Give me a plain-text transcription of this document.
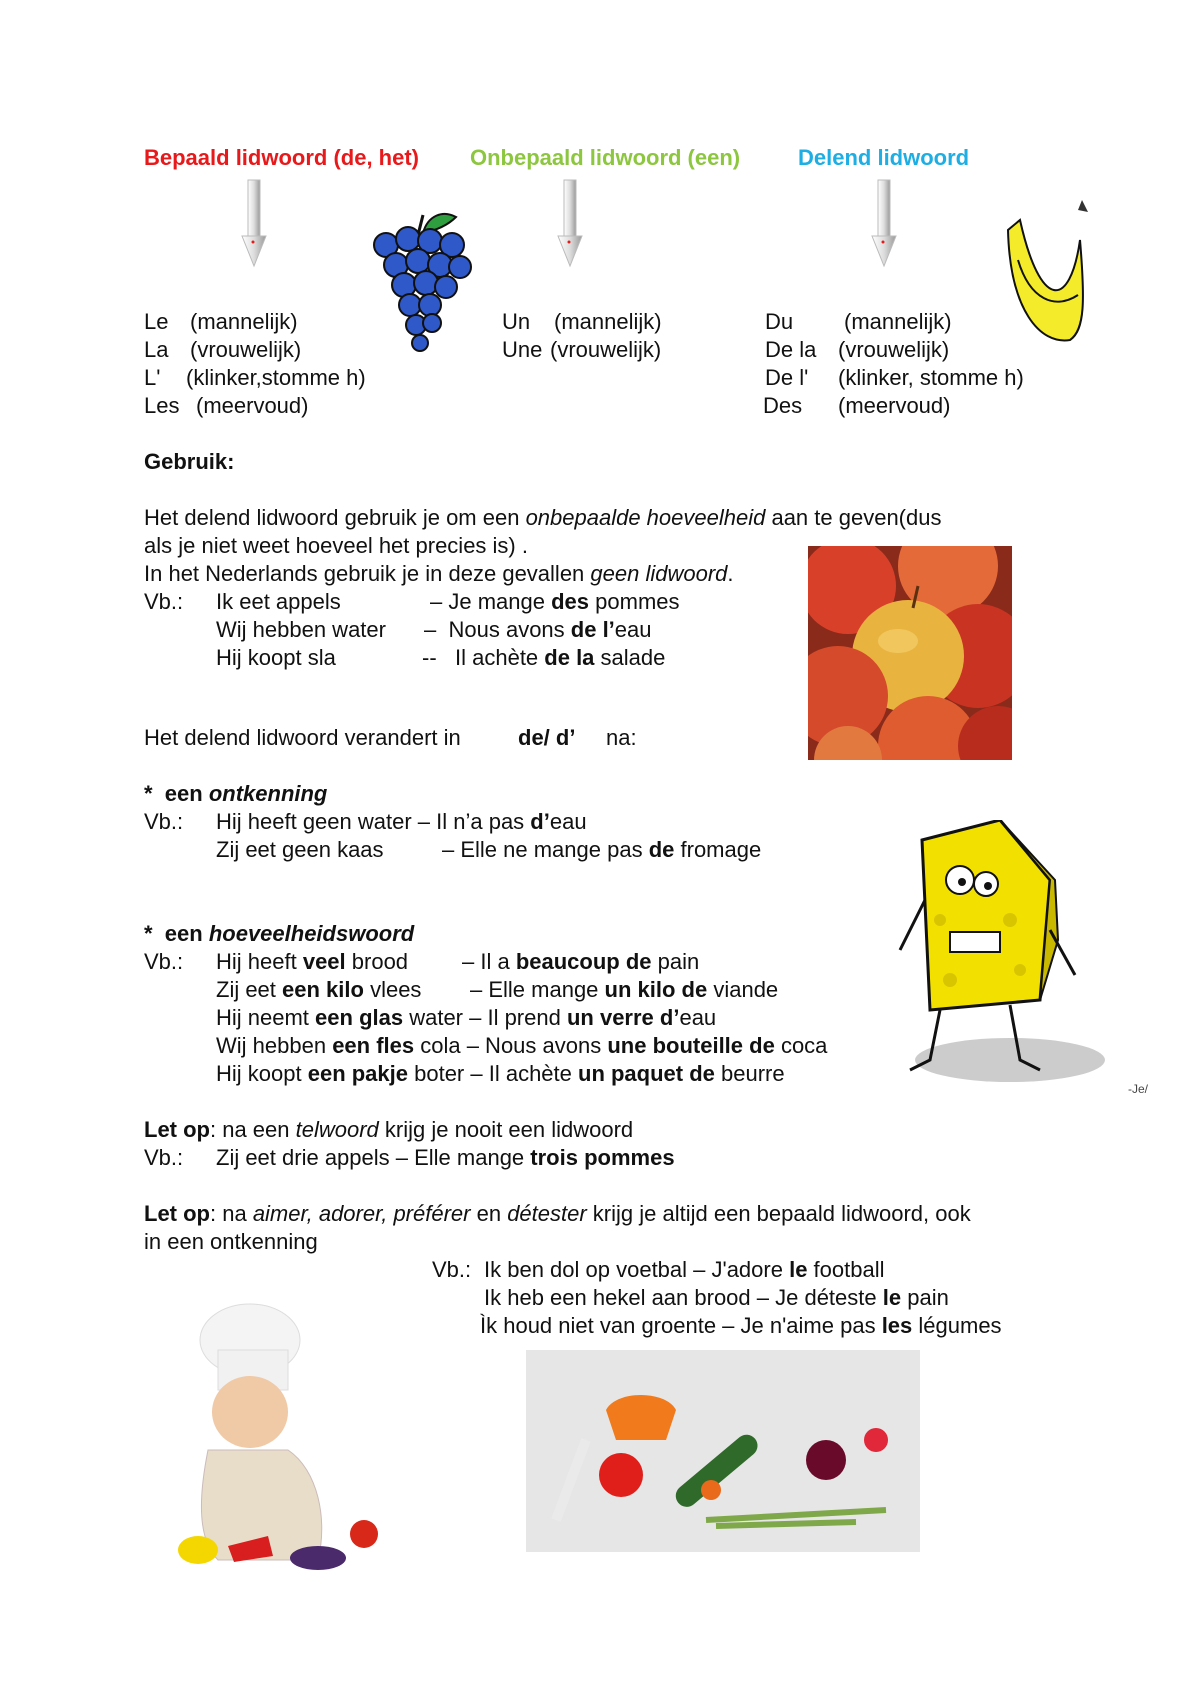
Bepaald lidwoord (de, het) Onbepaald lidwoord (een)	Delend lidwoord
Le (mannelijk)
La (vrouwelijk)
L' (klinker,stomme h)
Les (meervoud)
Un (mannelijk)
Une (vrouwelijk)
Du (mannelijk)
De la (vrouwelijk)
De l' (klinker, stomme h)
Des (meervoud)
Gebruik:
Het delend lidwoord gebruik je om een onbepaalde hoeveelheid aan te geven(dus
als je niet weet hoeveel het precies is) .
In het Nederlands gebruik je in deze gevallen geen lidwoord.
Vb.: Ik eet appels	– Je mange des pommes
Wij hebben water – Nous avons de l’eau
Hij koopt sla	-- Il achète de la salade
Het delend lidwoord verandert in	de/ d’ na:
* een ontkenning
Vb.: Hij heeft geen water – Il n’a pas d’eau
Zij eet geen kaas	– Elle ne mange pas de fromage
-Je/
* een hoeveelheidswoord
Vb.: Hij heeft veel brood – Il a beaucoup de pain
Zij eet een kilo vlees – Elle mange un kilo de viande
Hij neemt een glas water – Il prend un verre d’eau
Wij hebben een fles cola – Nous avons une bouteille de coca
Hij koopt een pakje boter – Il achète un paquet de beurre
Let op: na een telwoord krijg je nooit een lidwoord
Vb.: Zij eet drie appels – Elle mange trois pommes
Let op: na aimer, adorer, préférer en détester krijg je altijd een bepaald lidwoord, ook
in een ontkenning
Vb.: Ik ben dol op voetbal – J'adore le football
Ik heb een hekel aan brood – Je déteste le pain
Ìk houd niet van groente – Je n'aime pas les légumes
